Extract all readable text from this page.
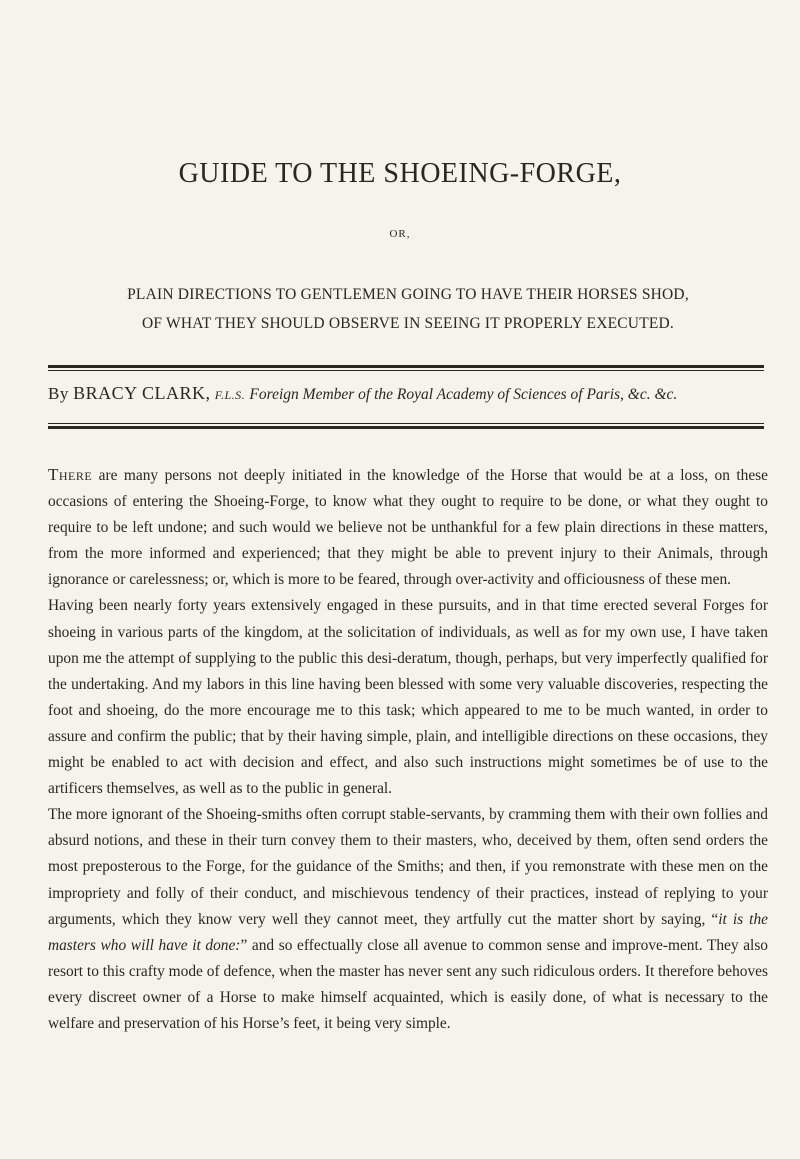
GUIDE TO THE SHOEING-FORGE,
OR,
PLAIN DIRECTIONS TO GENTLEMEN GOING TO HAVE THEIR HORSES SHOD,
OF WHAT THEY SHOULD OBSERVE IN SEEING IT PROPERLY EXECUTED.
By BRACY CLARK, F.L.S. Foreign Member of the Royal Academy of Sciences of Paris, &c. &c.

There are many persons not deeply initiated in the knowledge of the Horse that would be at a loss, on these occasions of entering the Shoeing-Forge, to know what they ought to require to be done, or what they ought to require to be left undone; and such would we believe not be unthankful for a few plain directions in these matters, from the more informed and experienced; that they might be able to prevent injury to their Animals, through ignorance or carelessness; or, which is more to be feared, through over-activity and officiousness of these men.

Having been nearly forty years extensively engaged in these pursuits, and in that time erected several Forges for shoeing in various parts of the kingdom, at the solicitation of individuals, as well as for my own use, I have taken upon me the attempt of supplying to the public this desi-deratum, though, perhaps, but very imperfectly qualified for the undertaking. And my labors in this line having been blessed with some very valuable discoveries, respecting the foot and shoeing, do the more encourage me to this task; which appeared to me to be much wanted, in order to assure and confirm the public; that by their having simple, plain, and intelligible directions on these occasions, they might be enabled to act with decision and effect, and also such instructions might sometimes be of use to the artificers themselves, as well as to the public in general.

The more ignorant of the Shoeing-smiths often corrupt stable-servants, by cramming them with their own follies and absurd notions, and these in their turn convey them to their masters, who, deceived by them, often send orders the most preposterous to the Forge, for the guidance of the Smiths; and then, if you remonstrate with these men on the impropriety and folly of their conduct, and mischievous tendency of their practices, instead of replying to your arguments, which they know very well they cannot meet, they artfully cut the matter short by saying, “it is the masters who will have it done:” and so effectually close all avenue to common sense and improve-ment. They also resort to this crafty mode of defence, when the master has never sent any such ridiculous orders. It therefore behoves every discreet owner of a Horse to make himself acquainted, which is easily done, of what is necessary to the welfare and preservation of his Horse’s feet, it being very simple.
